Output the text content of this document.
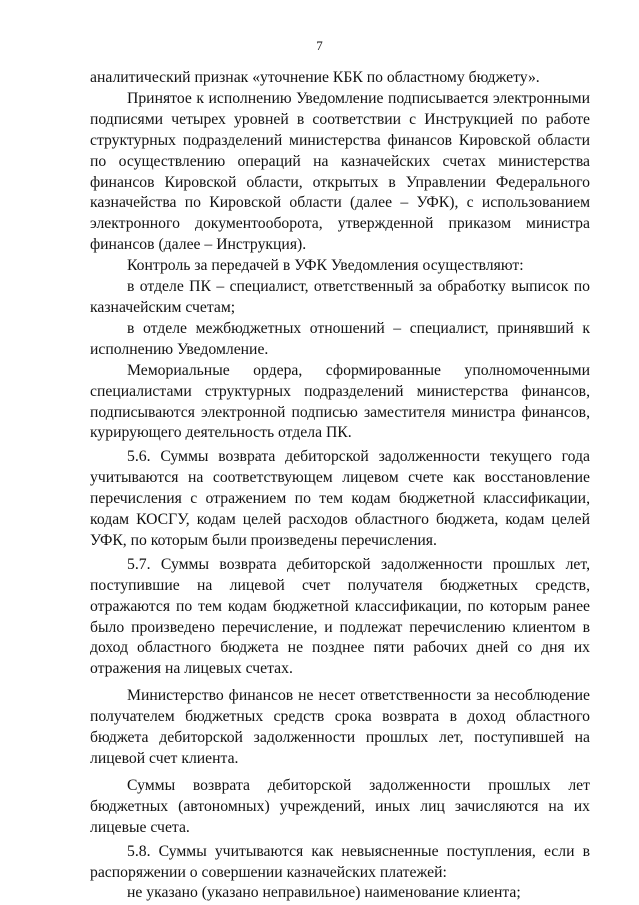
7

аналитический признак «уточнение КБК по областному бюджету».

Принятое к исполнению Уведомление подписывается электронными подписями четырех уровней в соответствии с Инструкцией по работе структурных подразделений министерства финансов Кировской области по осуществлению операций на казначейских счетах министерства финансов Кировской области, открытых в Управлении Федерального казначейства по Кировской области (далее – УФК), с использованием электронного документооборота, утвержденной приказом министра финансов (далее – Инструкция).

Контроль за передачей в УФК Уведомления осуществляют:

в отделе ПК – специалист, ответственный за обработку выписок по казначейским счетам;

в отделе межбюджетных отношений – специалист, принявший к исполнению Уведомление.

Мемориальные ордера, сформированные уполномоченными специалистами структурных подразделений министерства финансов, подписываются электронной подписью заместителя министра финансов, курирующего деятельность отдела ПК.

5.6. Суммы возврата дебиторской задолженности текущего года учитываются на соответствующем лицевом счете как восстановление перечисления с отражением по тем кодам бюджетной классификации, кодам КОСГУ, кодам целей расходов областного бюджета, кодам целей УФК, по которым были произведены перечисления.

5.7. Суммы возврата дебиторской задолженности прошлых лет, поступившие на лицевой счет получателя бюджетных средств, отражаются по тем кодам бюджетной классификации, по которым ранее было произведено перечисление, и подлежат перечислению клиентом в доход областного бюджета не позднее пяти рабочих дней со дня их отражения на лицевых счетах.

Министерство финансов не несет ответственности за несоблюдение получателем бюджетных средств срока возврата в доход областного бюджета дебиторской задолженности прошлых лет, поступившей на лицевой счет клиента.

Суммы возврата дебиторской задолженности прошлых лет бюджетных (автономных) учреждений, иных лиц зачисляются на их лицевые счета.

5.8. Суммы учитываются как невыясненные поступления, если в распоряжении о совершении казначейских платежей:

не указано (указано неправильное) наименование клиента;
